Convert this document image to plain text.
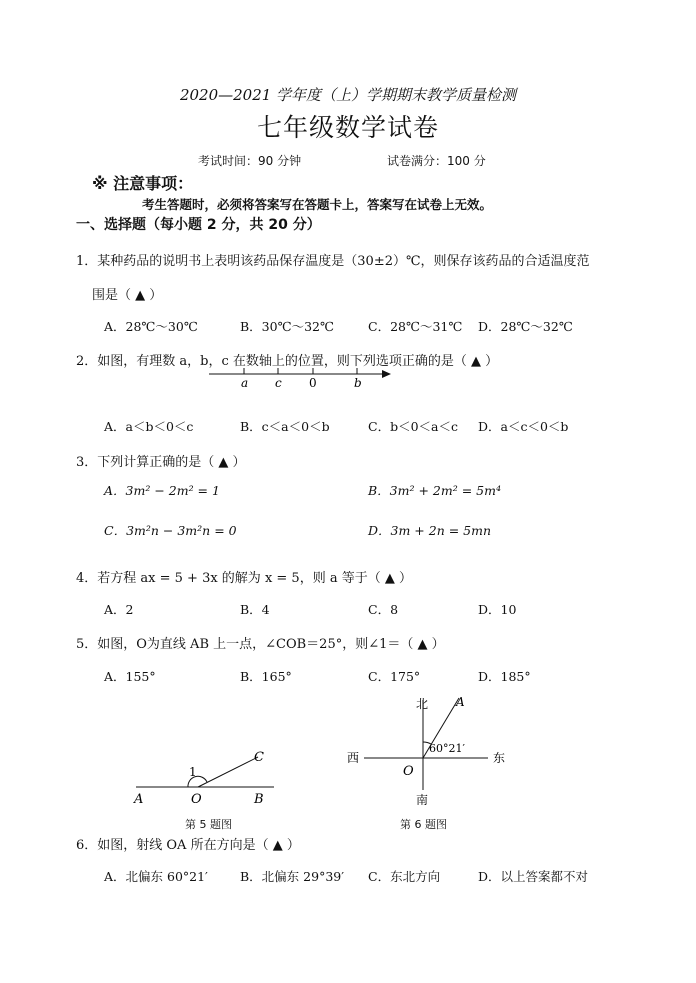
2020—2021 学年度（上）学期期末教学质量检测
七年级数学试卷
考试时间：90 分钟	试卷满分：100 分
※ 注意事项：
考生答题时，必须将答案写在答题卡上，答案写在试卷上无效。
一、选择题（每小题 2 分，共 20 分）
1．某种药品的说明书上表明该药品保存温度是（30±2）℃，则保存该药品的合适温度范
围是（ ▲ ）
A．28℃～30℃	B．30℃～32℃	C．28℃～31℃ D．28℃～32℃
2．如图，有理数 a，b，c 在数轴上的位置，则下列选项正确的是（ ▲ ）
a c 0	b
A．a＜b＜0＜c	B．c＜a＜0＜b	C．b＜0＜a＜c D．a＜c＜0＜b
3．下列计算正确的是（ ▲ ）
A．3m² − 2m² = 1	B．3m² + 2m² = 5m⁴
C．3m²n − 3m²n = 0	D．3m + 2n = 5mn
4．若方程 ax = 5 + 3x 的解为 x = 5，则 a 等于（ ▲ ）
A．2	B．4	C．8	D．10
5．如图，O为直线 AB 上一点，∠COB＝25°，则∠1＝（ ▲ ）
A．155°	B．165°	C．175°	D．185°
A	O	B
C
1
第 5 题图
北
南
西	东
O
A
60°21′
第 6 题图
6．如图，射线 OA 所在方向是（ ▲ ）
A．北偏东 60°21′	B．北偏东 29°39′ C．东北方向	D．以上答案都不对
